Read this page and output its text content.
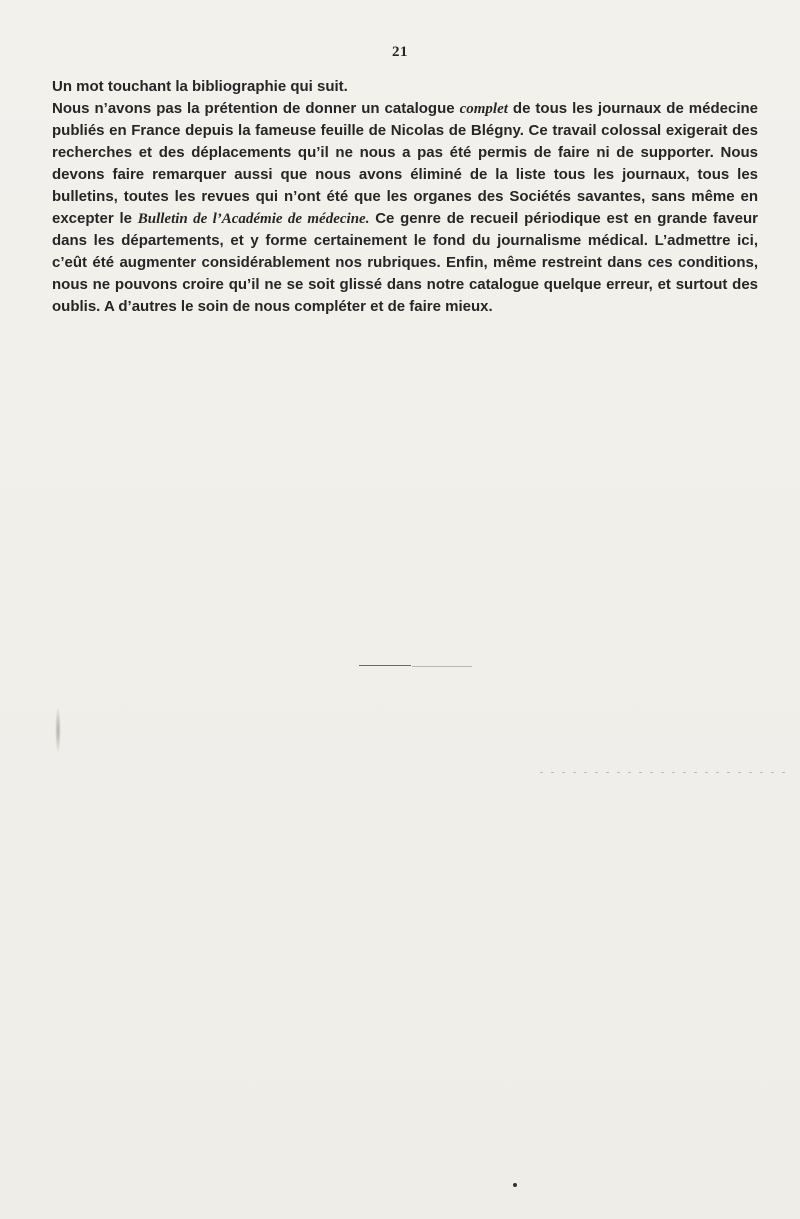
21

Un mot touchant la bibliographie qui suit.

Nous n’avons pas la prétention de donner un catalogue complet de tous les journaux de médecine publiés en France depuis la fameuse feuille de Nicolas de Blégny. Ce travail colossal exigerait des recherches et des déplacements qu’il ne nous a pas été permis de faire ni de supporter. Nous devons faire remarquer aussi que nous avons éliminé de la liste tous les journaux, tous les bulletins, toutes les revues qui n’ont été que les organes des Sociétés savantes, sans même en excepter le Bulletin de l’Académie de médecine. Ce genre de recueil périodique est en grande faveur dans les départements, et y forme certainement le fond du journalisme médical. L’admettre ici, c’eût été augmenter considérablement nos rubriques. Enfin, même restreint dans ces conditions, nous ne pouvons croire qu’il ne se soit glissé dans notre catalogue quelque erreur, et surtout des oublis. A d’autres le soin de nous compléter et de faire mieux.
